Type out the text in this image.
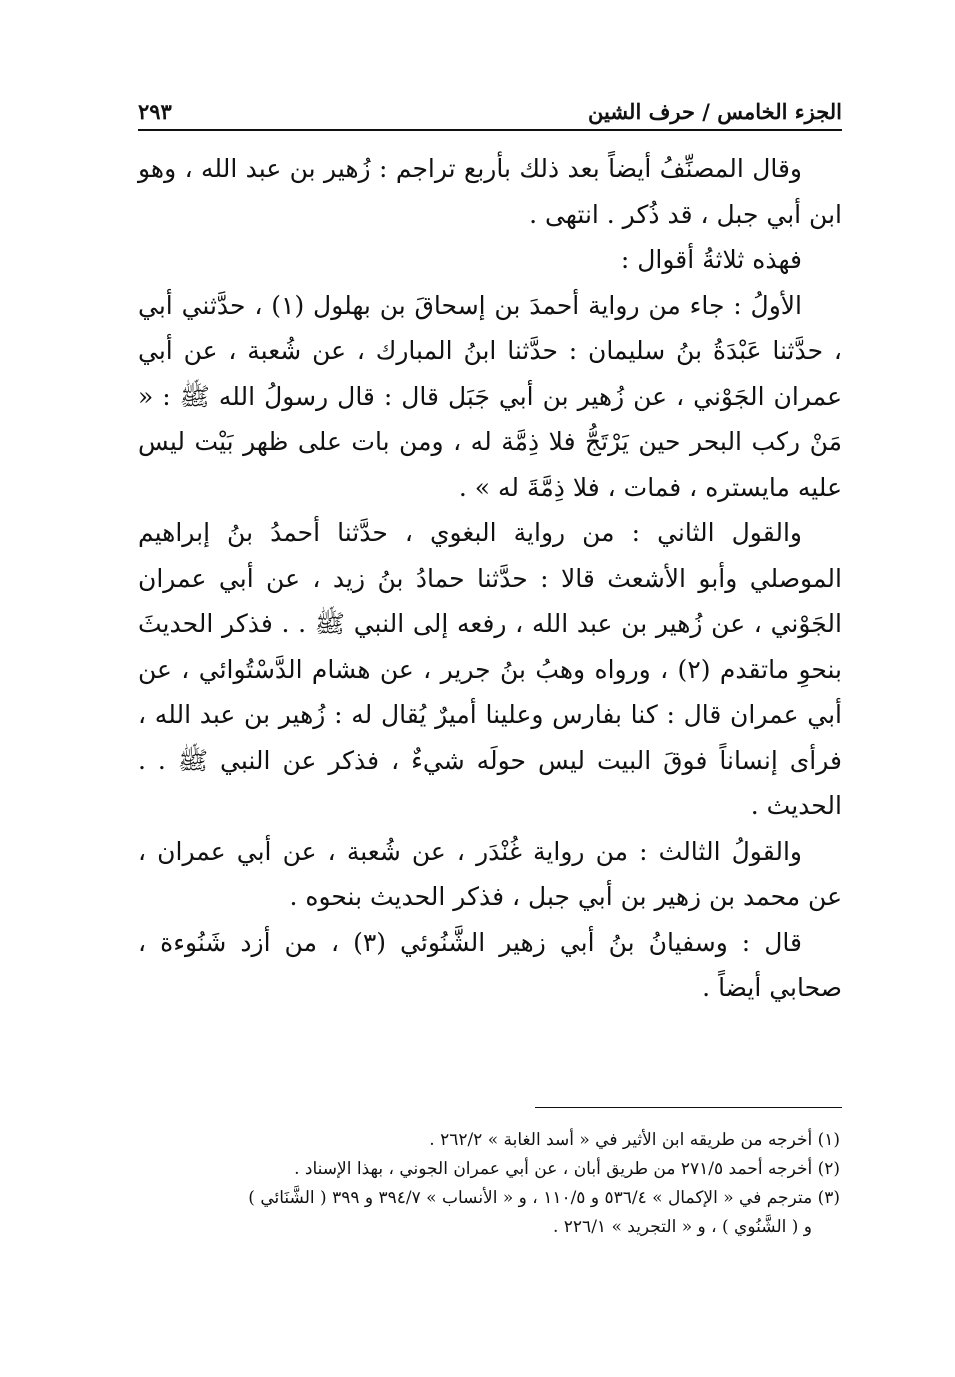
الجزء الخامس / حرف الشين
٢٩٣

وقال المصنِّفُ أيضاً بعد ذلك بأربع تراجم : زُهير بن عبد الله ، وهو ابن أبي جبل ، قد ذُكر . انتهى .

فهذه ثلاثةُ أقوال :

الأولُ : جاء من رواية أحمدَ بن إسحاقَ بن بهلول (١) ، حدَّثني أبي ، حدَّثنا عَبْدَةُ بنُ سليمان : حدَّثنا ابنُ المبارك ، عن شُعبة ، عن أبي عمران الجَوْني ، عن زُهير بن أبي جَبَل قال : قال رسولُ الله ﷺ : « مَنْ ركب البحر حين يَرْتَجُّ فلا ذِمَّة له ، ومن بات على ظهر بَيْت ليس عليه مايستره ، فمات ، فلا ذِمَّةَ له » .

والقول الثاني : من رواية البغوي ، حدَّثنا أحمدُ بنُ إبراهيم الموصلي وأبو الأشعث قالا : حدَّثنا حمادُ بنُ زيد ، عن أبي عمران الجَوْني ، عن زُهير بن عبد الله ، رفعه إلى النبي ﷺ . . فذكر الحديثَ بنحوِ ماتقدم (٢) ، ورواه وهبُ بنُ جرير ، عن هشام الدَّسْتُوائي ، عن أبي عمران قال : كنا بفارس وعلينا أميرٌ يُقال له : زُهير بن عبد الله ، فرأى إنساناً فوقَ البيت ليس حولَه شيءٌ ، فذكر عن النبي ﷺ . . الحديث .

والقولُ الثالث : من رواية غُنْدَر ، عن شُعبة ، عن أبي عمران ، عن محمد بن زهير بن أبي جبل ، فذكر الحديث بنحوه .

قال : وسفيانُ بنُ أبي زهير الشَّنُوئي (٣) ، من أزد شَنُوءة ، صحابي أيضاً .

(١) أخرجه من طريقه ابن الأثير في « أسد الغابة » ٢٦٢/٢ .

(٢) أخرجه أحمد ٢٧١/٥ من طريق أبان ، عن أبي عمران الجوني ، بهذا الإسناد .

(٣) مترجم في « الإكمال » ٥٣٦/٤ و ١١٠/٥ ، و « الأنساب » ٣٩٤/٧ و ٣٩٩ ( الشَّنَائي )

و ( الشَّنُوي ) ، و « التجريد » ٢٢٦/١ .
